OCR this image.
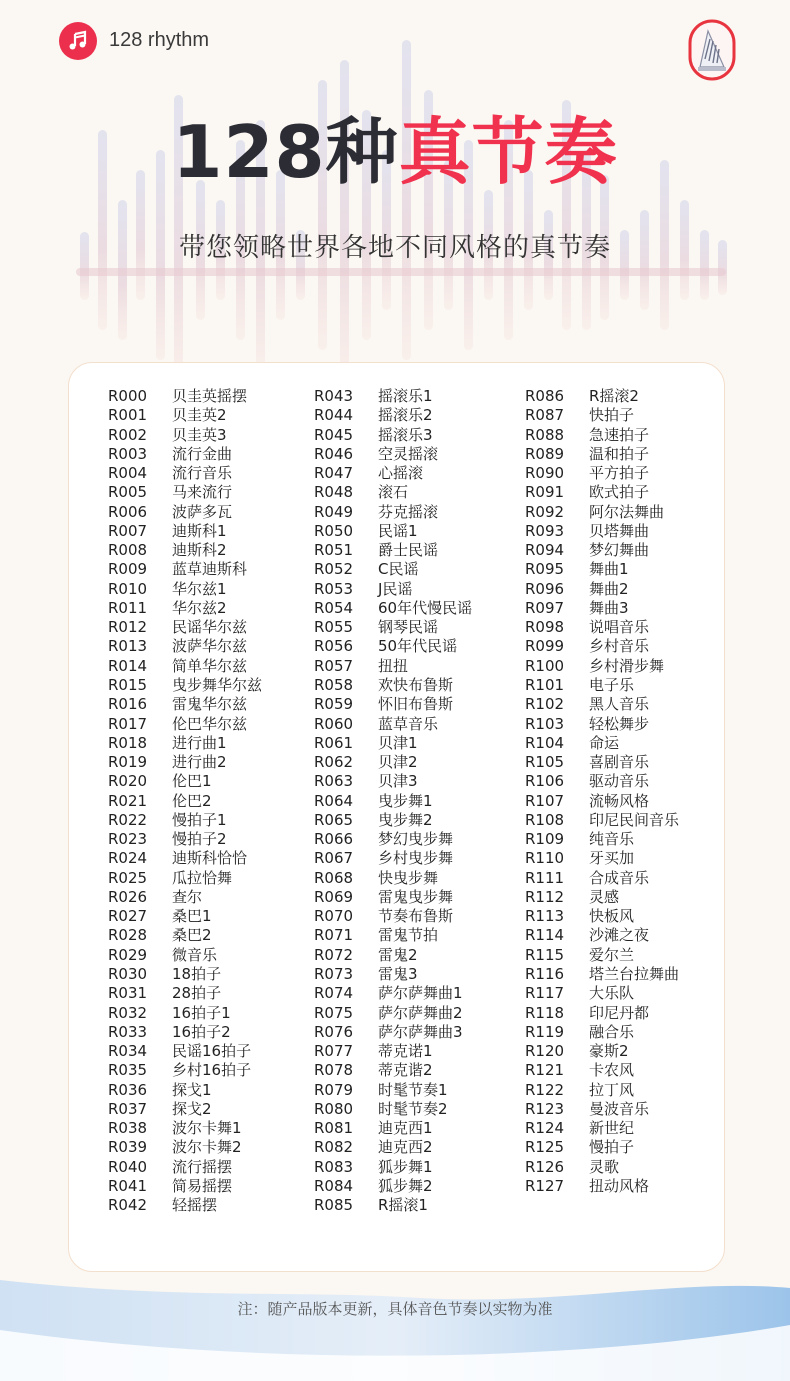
128 rhythm
128种真节奏
带您领略世界各地不同风格的真节奏
R000 贝圭英摇摆
R001 贝圭英2
R002 贝圭英3
R003 流行金曲
R004 流行音乐
R005 马来流行
R006 波萨多瓦
R007 迪斯科1
R008 迪斯科2
R009 蓝草迪斯科
R010 华尔兹1
R011 华尔兹2
R012 民谣华尔兹
R013 波萨华尔兹
R014 简单华尔兹
R015 曳步舞华尔兹
R016 雷鬼华尔兹
R017 伦巴华尔兹
R018 进行曲1
R019 进行曲2
R020 伦巴1
R021 伦巴2
R022 慢拍子1
R023 慢拍子2
R024 迪斯科恰恰
R025 瓜拉恰舞
R026 查尔
R027 桑巴1
R028 桑巴2
R029 微音乐
R030 18拍子
R031 28拍子
R032 16拍子1
R033 16拍子2
R034 民谣16拍子
R035 乡村16拍子
R036 探戈1
R037 探戈2
R038 波尔卡舞1
R039 波尔卡舞2
R040 流行摇摆
R041 简易摇摆
R042 轻摇摆
R043 摇滚乐1
R044 摇滚乐2
R045 摇滚乐3
R046 空灵摇滚
R047 心摇滚
R048 滚石
R049 芬克摇滚
R050 民谣1
R051 爵士民谣
R052 C民谣
R053 J民谣
R054 60年代慢民谣
R055 钢琴民谣
R056 50年代民谣
R057 扭扭
R058 欢快布鲁斯
R059 怀旧布鲁斯
R060 蓝草音乐
R061 贝津1
R062 贝津2
R063 贝津3
R064 曳步舞1
R065 曳步舞2
R066 梦幻曳步舞
R067 乡村曳步舞
R068 快曳步舞
R069 雷鬼曳步舞
R070 节奏布鲁斯
R071 雷鬼节拍
R072 雷鬼2
R073 雷鬼3
R074 萨尔萨舞曲1
R075 萨尔萨舞曲2
R076 萨尔萨舞曲3
R077 蒂克诺1
R078 蒂克谐2
R079 时髦节奏1
R080 时髦节奏2
R081 迪克西1
R082 迪克西2
R083 狐步舞1
R084 狐步舞2
R085 R摇滚1
R086 R摇滚2
R087 快拍子
R088 急速拍子
R089 温和拍子
R090 平方拍子
R091 欧式拍子
R092 阿尔法舞曲
R093 贝塔舞曲
R094 梦幻舞曲
R095 舞曲1
R096 舞曲2
R097 舞曲3
R098 说唱音乐
R099 乡村音乐
R100 乡村滑步舞
R101 电子乐
R102 黑人音乐
R103 轻松舞步
R104 命运
R105 喜剧音乐
R106 驱动音乐
R107 流畅风格
R108 印尼民间音乐
R109 纯音乐
R110 牙买加
R111 合成音乐
R112 灵感
R113 快板风
R114 沙滩之夜
R115 爱尔兰
R116 塔兰台拉舞曲
R117 大乐队
R118 印尼丹都
R119 融合乐
R120 豪斯2
R121 卡农风
R122 拉丁风
R123 曼波音乐
R124 新世纪
R125 慢拍子
R126 灵歌
R127 扭动风格
注：随产品版本更新，具体音色节奏以实物为准
